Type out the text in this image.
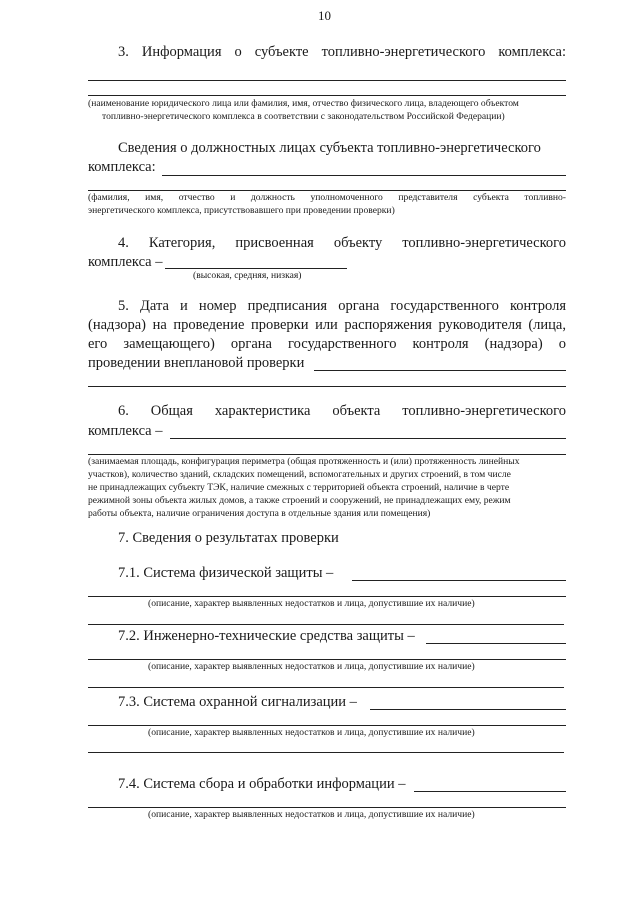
10
3. Информация о субъекте топливно-энергетического комплекса:
(наименование юридического лица или фамилия, имя, отчество физического лица, владеющего объектом
топливно-энергетического комплекса в соответствии с законодательством Российской Федерации)
Сведения о должностных лицах субъекта топливно-энергетического
комплекса:
(фамилия, имя, отчество и должность уполномоченного представителя субъекта топливно-
энергетического комплекса, присутствовавшего при проведении проверки)
4. Категория, присвоенная объекту топливно-энергетического
комплекса –
(высокая, средняя, низкая)
5. Дата и номер предписания органа государственного контроля
(надзора) на проведение проверки или распоряжения руководителя (лица,
его замещающего) органа государственного контроля (надзора) о
проведении внеплановой проверки
6. Общая характеристика объекта топливно-энергетического
комплекса –
(занимаемая площадь, конфигурация периметра (общая протяженность и (или) протяженность линейных
участков), количество зданий, складских помещений, вспомогательных и других строений, в том числе
не принадлежащих субъекту ТЭК, наличие смежных с территорией объекта строений, наличие в черте
режимной зоны объекта жилых домов, а также строений и сооружений, не принадлежащих ему, режим
работы объекта, наличие ограничения доступа в отдельные здания или помещения)
7. Сведения о результатах проверки
7.1. Система физической защиты –
(описание, характер выявленных недостатков и лица, допустившие их наличие)
7.2. Инженерно-технические средства защиты –
(описание, характер выявленных недостатков и лица, допустившие их наличие)
7.3. Система охранной сигнализации –
(описание, характер выявленных недостатков и лица, допустившие их наличие)
7.4. Система сбора и обработки информации –
(описание, характер выявленных недостатков и лица, допустившие их наличие)
